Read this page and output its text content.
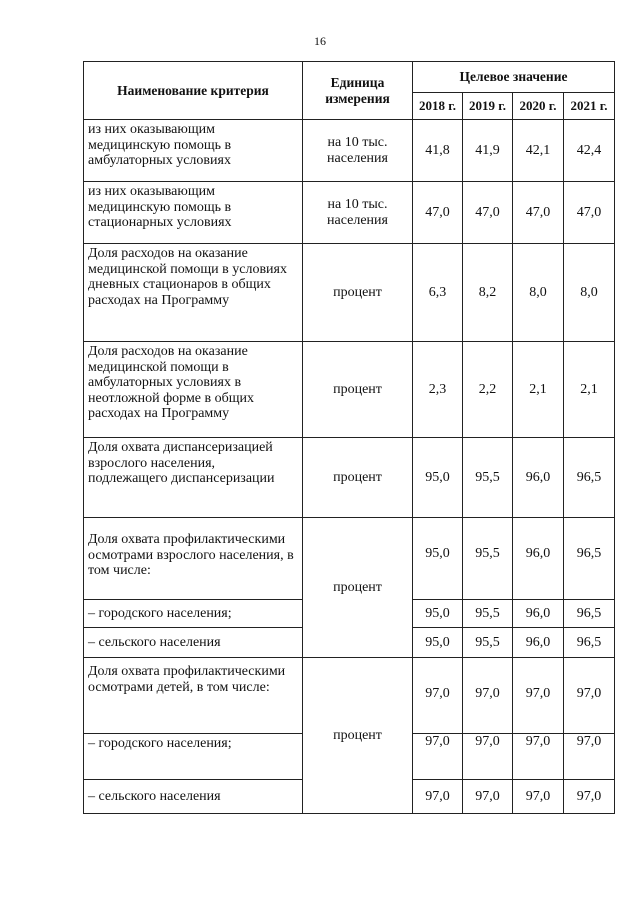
16
Наименование критерия	Единица измерения	Целевое значение			
		2018 г.	2019 г.	2020 г.	2021 г.
из них оказывающим медицинскую помощь в амбулаторных условиях	на 10 тыс. населения	41,8	41,9	42,1	42,4
из них оказывающим медицинскую помощь в стационарных условиях	на 10 тыс. населения	47,0	47,0	47,0	47,0
Доля расходов на оказание медицинской помощи в условиях дневных стационаров в общих расходах на Программу	процент	6,3	8,2	8,0	8,0
Доля расходов на оказание медицинской помощи в амбулаторных условиях в неотложной форме в общих расходах на Программу	процент	2,3	2,2	2,1	2,1
Доля охвата диспансеризацией взрослого населения, подлежащего диспансеризации	процент	95,0	95,5	96,0	96,5
Доля охвата профилактическими осмотрами взрослого населения, в том числе:	процент	95,0	95,5	96,0	96,5
– городского населения;		95,0	95,5	96,0	96,5
– сельского населения		95,0	95,5	96,0	96,5
Доля охвата профилактическими осмотрами детей, в том числе:	процент	97,0	97,0	97,0	97,0
– городского населения;		97,0	97,0	97,0	97,0
– сельского населения		97,0	97,0	97,0	97,0
